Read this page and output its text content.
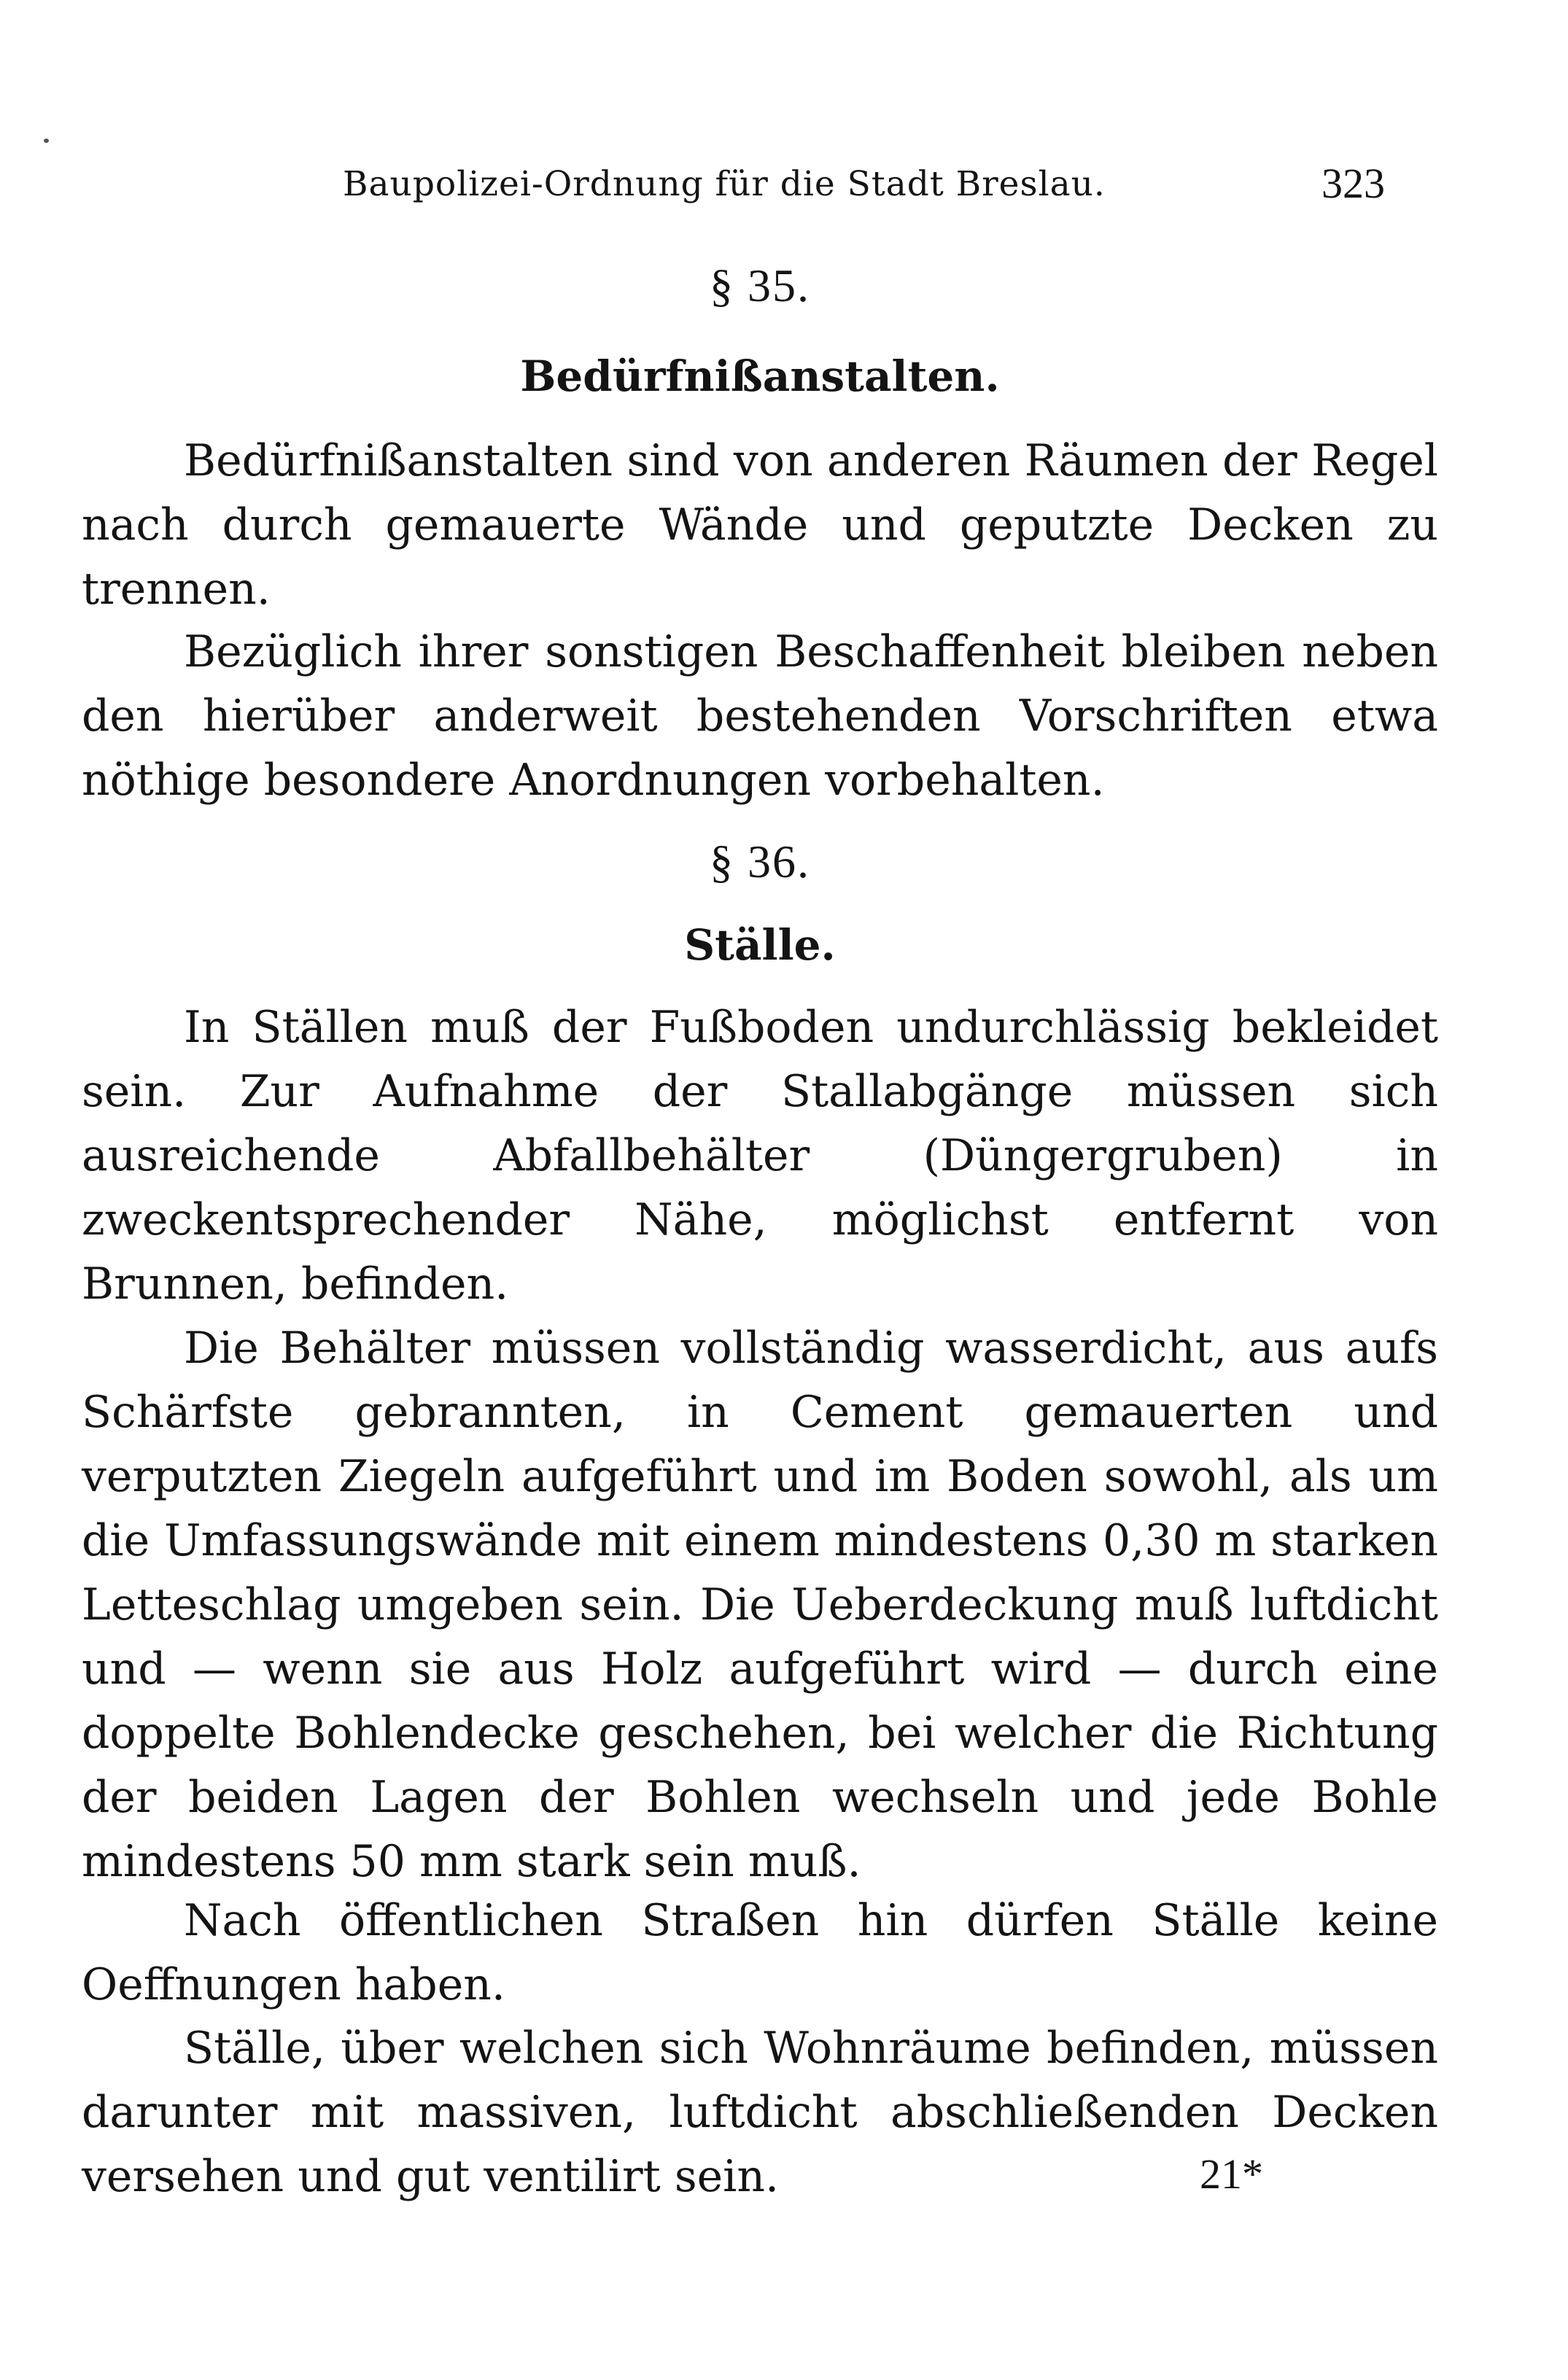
Baupolizei-Ordnung für die Stadt Breslau.	323
§ 35.
Bedürfnißanstalten.

Bedürfnißanstalten sind von anderen Räumen der Regel nach durch gemauerte Wände und geputzte Decken zu trennen.

Bezüglich ihrer sonstigen Beschaffenheit bleiben neben den hierüber anderweit bestehenden Vorschriften etwa nöthige besondere Anordnungen vorbehalten.

§ 36.
Ställe.

In Ställen muß der Fußboden undurchlässig bekleidet sein. Zur Aufnahme der Stallabgänge müssen sich ausreichende Abfallbehälter (Düngergruben) in zweckentsprechender Nähe, möglichst entfernt von Brunnen, befinden.

Die Behälter müssen vollständig wasserdicht, aus aufs Schärfste gebrannten, in Cement gemauerten und verputzten Ziegeln aufgeführt und im Boden sowohl, als um die Umfassungswände mit einem mindestens 0,30 m starken Letteschlag umgeben sein. Die Ueberdeckung muß luftdicht und — wenn sie aus Holz aufgeführt wird — durch eine doppelte Bohlendecke geschehen, bei welcher die Richtung der beiden Lagen der Bohlen wechseln und jede Bohle mindestens 50 mm stark sein muß.

Nach öffentlichen Straßen hin dürfen Ställe keine Oeffnungen haben.

Ställe, über welchen sich Wohnräume befinden, müssen darunter mit massiven, luftdicht abschließenden Decken versehen und gut ventilirt sein.	21*
